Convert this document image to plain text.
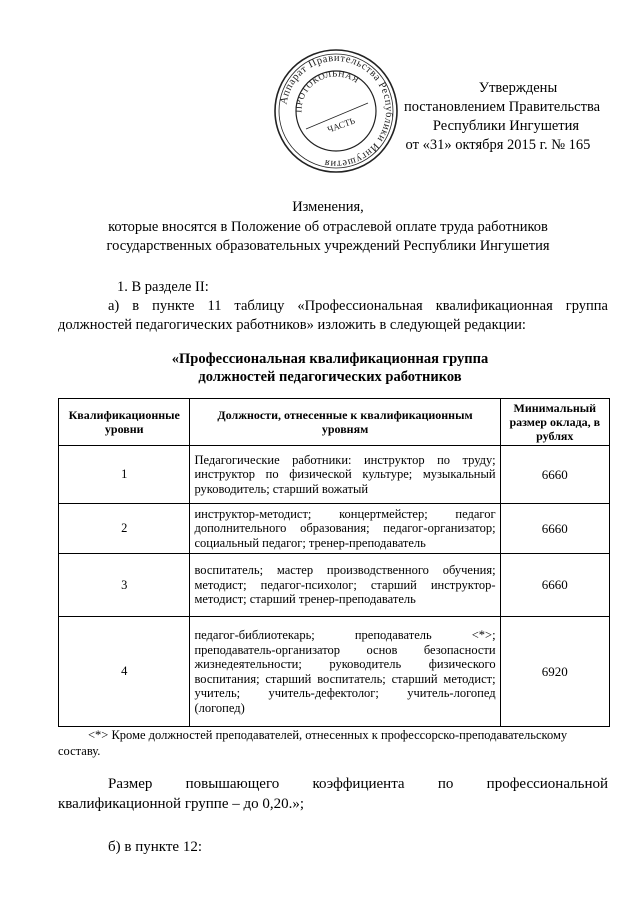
Аппарат Правительства Республики Ингушетия
ПРОТОКОЛЬНАЯ
ЧАСТЬ
Утверждены
постановлением Правительства
Республики Ингушетия
от «31» октября 2015 г. № 165
Изменения,
которые вносятся в Положение об отраслевой оплате труда работников
государственных образовательных учреждений Республики Ингушетия
1. В разделе II:
а) в пункте 11 таблицу «Профессиональная квалификационная группа
должностей педагогических работников» изложить в следующей редакции:
«Профессиональная квалификационная группа
должностей педагогических работников
Квалификационные уровни	Должности, отнесенные к квалификационным уровням	Минимальный размер оклада, в рублях
1	Педагогические работники: инструктор по труду; инструктор по физической культуре; музыкальный руководитель; старший вожатый	6660
2	инструктор-методист; концертмейстер; педагог дополнительного образования; педагог-организатор; социальный педагог; тренер-преподаватель	6660
3	воспитатель; мастер производственного обучения; методист; педагог-психолог; старший инструктор-методист; старший тренер-преподаватель	6660
4	педагог-библиотекарь; преподаватель <*>; преподаватель-организатор основ безопасности жизнедеятельности; руководитель физического воспитания; старший воспитатель; старший методист; учитель; учитель-дефектолог; учитель-логопед (логопед)	6920
<*> Кроме должностей преподавателей, отнесенных к профессорско-преподавательскому
составу.
Размер повышающего коэффициента по профессиональной
квалификационной группе – до 0,20.»;
б) в пункте 12:
